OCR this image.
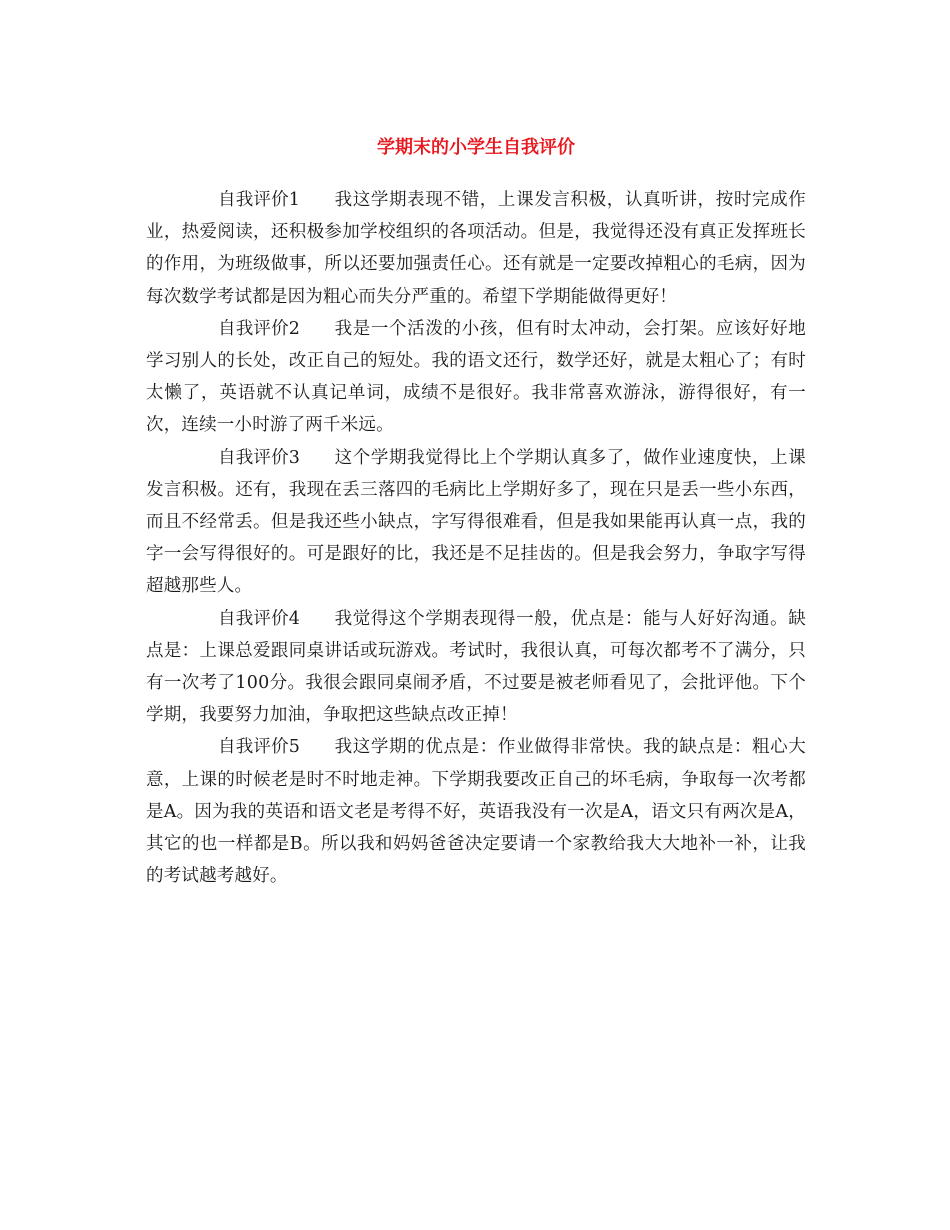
学期末的小学生自我评价

自我评价1 我这学期表现不错，上课发言积极，认真听讲，按时完成作业，热爱阅读，还积极参加学校组织的各项活动。但是，我觉得还没有真正发挥班长的作用，为班级做事，所以还要加强责任心。还有就是一定要改掉粗心的毛病，因为每次数学考试都是因为粗心而失分严重的。希望下学期能做得更好！

自我评价2 我是一个活泼的小孩，但有时太冲动，会打架。应该好好地学习别人的长处，改正自己的短处。我的语文还行，数学还好，就是太粗心了；有时太懒了，英语就不认真记单词，成绩不是很好。我非常喜欢游泳，游得很好，有一次，连续一小时游了两千米远。

自我评价3 这个学期我觉得比上个学期认真多了，做作业速度快，上课发言积极。还有，我现在丢三落四的毛病比上学期好多了，现在只是丢一些小东西，而且不经常丢。但是我还些小缺点，字写得很难看，但是我如果能再认真一点，我的字一会写得很好的。可是跟好的比，我还是不足挂齿的。但是我会努力，争取字写得超越那些人。

自我评价4 我觉得这个学期表现得一般，优点是：能与人好好沟通。缺点是：上课总爱跟同桌讲话或玩游戏。考试时，我很认真，可每次都考不了满分，只有一次考了100分。我很会跟同桌闹矛盾，不过要是被老师看见了，会批评他。下个学期，我要努力加油，争取把这些缺点改正掉！

自我评价5 我这学期的优点是：作业做得非常快。我的缺点是：粗心大意，上课的时候老是时不时地走神。下学期我要改正自己的坏毛病，争取每一次考都是A。因为我的英语和语文老是考得不好，英语我没有一次是A，语文只有两次是A，其它的也一样都是B。所以我和妈妈爸爸决定要请一个家教给我大大地补一补，让我的考试越考越好。
